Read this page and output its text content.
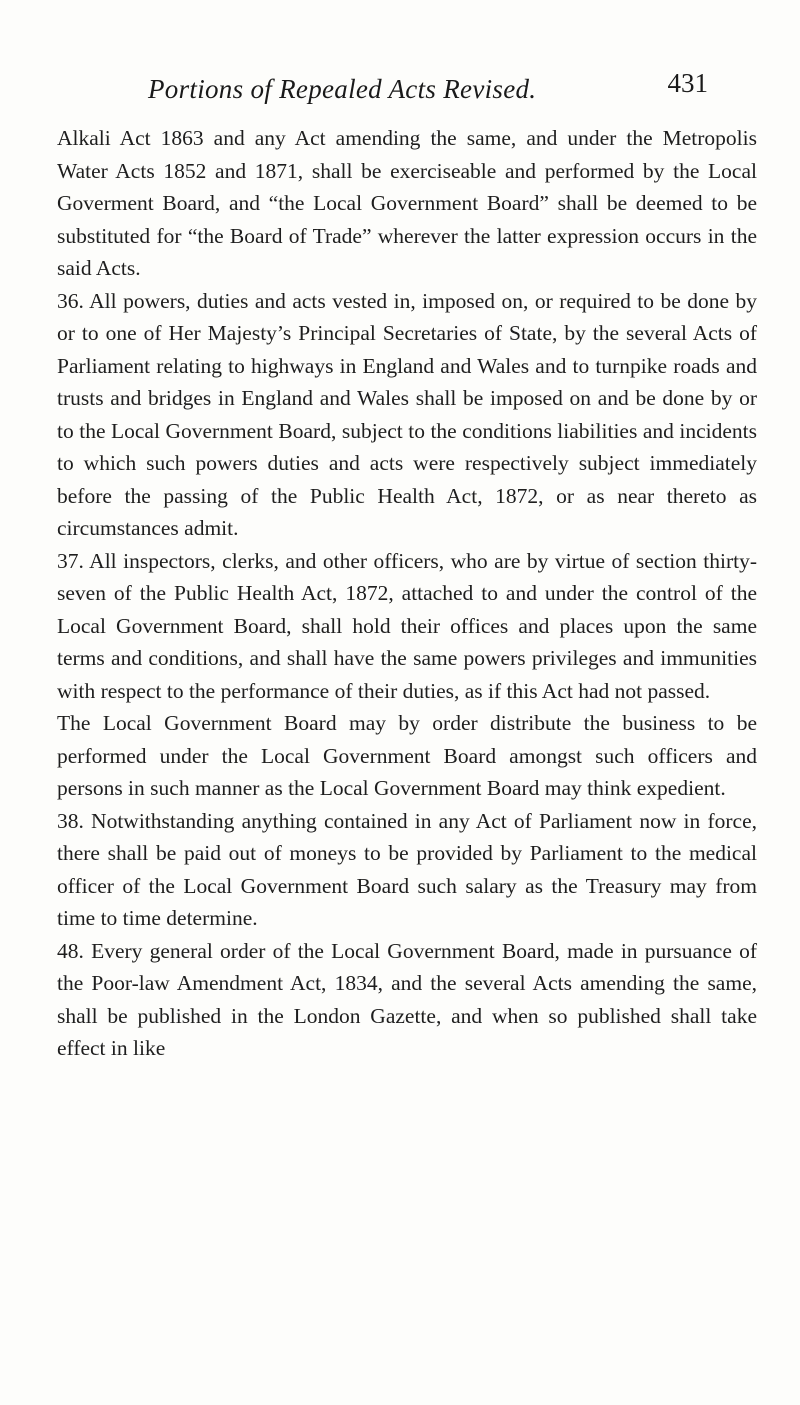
Portions of Repealed Acts Revised.	431

Alkali Act 1863 and any Act amending the same, and under the Metropolis Water Acts 1852 and 1871, shall be exerciseable and performed by the Local Goverment Board, and “the Local Government Board” shall be deemed to be substituted for “the Board of Trade” wherever the latter expression occurs in the said Acts.

36. All powers, duties and acts vested in, imposed on, or required to be done by or to one of Her Majesty’s Principal Secretaries of State, by the several Acts of Parliament relating to highways in England and Wales and to turnpike roads and trusts and bridges in England and Wales shall be imposed on and be done by or to the Local Government Board, subject to the conditions liabilities and incidents to which such powers duties and acts were respectively subject immediately before the passing of the Public Health Act, 1872, or as near thereto as circumstances admit.

37. All inspectors, clerks, and other officers, who are by virtue of section thirty-seven of the Public Health Act, 1872, attached to and under the control of the Local Government Board, shall hold their offices and places upon the same terms and conditions, and shall have the same powers privileges and immunities with respect to the performance of their duties, as if this Act had not passed.

The Local Government Board may by order distribute the business to be performed under the Local Government Board amongst such officers and persons in such manner as the Local Government Board may think expedient.

38. Notwithstanding anything contained in any Act of Parliament now in force, there shall be paid out of moneys to be provided by Parliament to the medical officer of the Local Government Board such salary as the Treasury may from time to time determine.

48. Every general order of the Local Government Board, made in pursuance of the Poor-law Amendment Act, 1834, and the several Acts amending the same, shall be published in the London Gazette, and when so published shall take effect in like
